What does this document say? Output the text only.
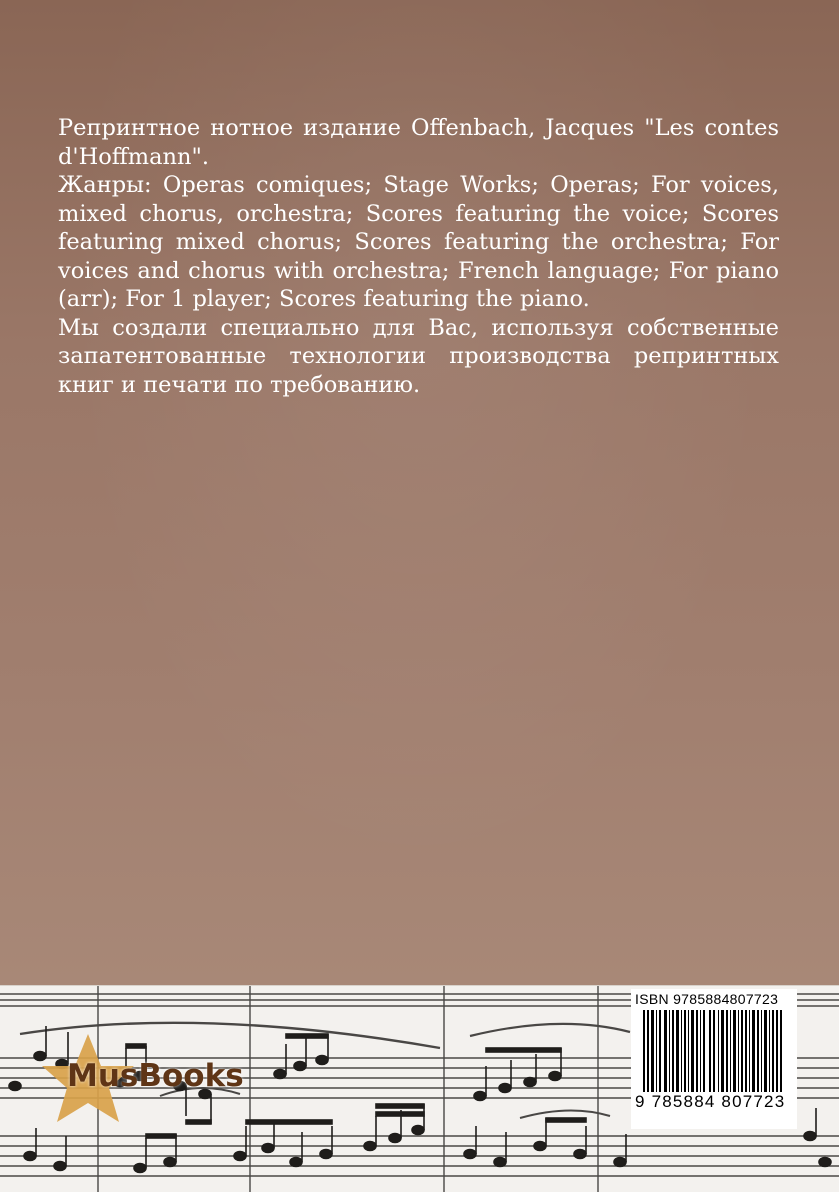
Репринтное нотное издание Offenbach, Jacques "Les contes d'Hoffmann".

Жанры: Operas comiques; Stage Works; Operas; For voices, mixed chorus, orchestra; Scores featuring the voice; Scores featuring mixed chorus; Scores featuring the orchestra; For voices and chorus with orchestra; French language; For piano (arr); For 1 player; Scores featuring the piano.

Мы создали специально для Вас, используя собственные запатентованные технологии производства репринтных книг и печати по требованию.

MusBooks
ISBN 9785884807723
9 785884 807723
